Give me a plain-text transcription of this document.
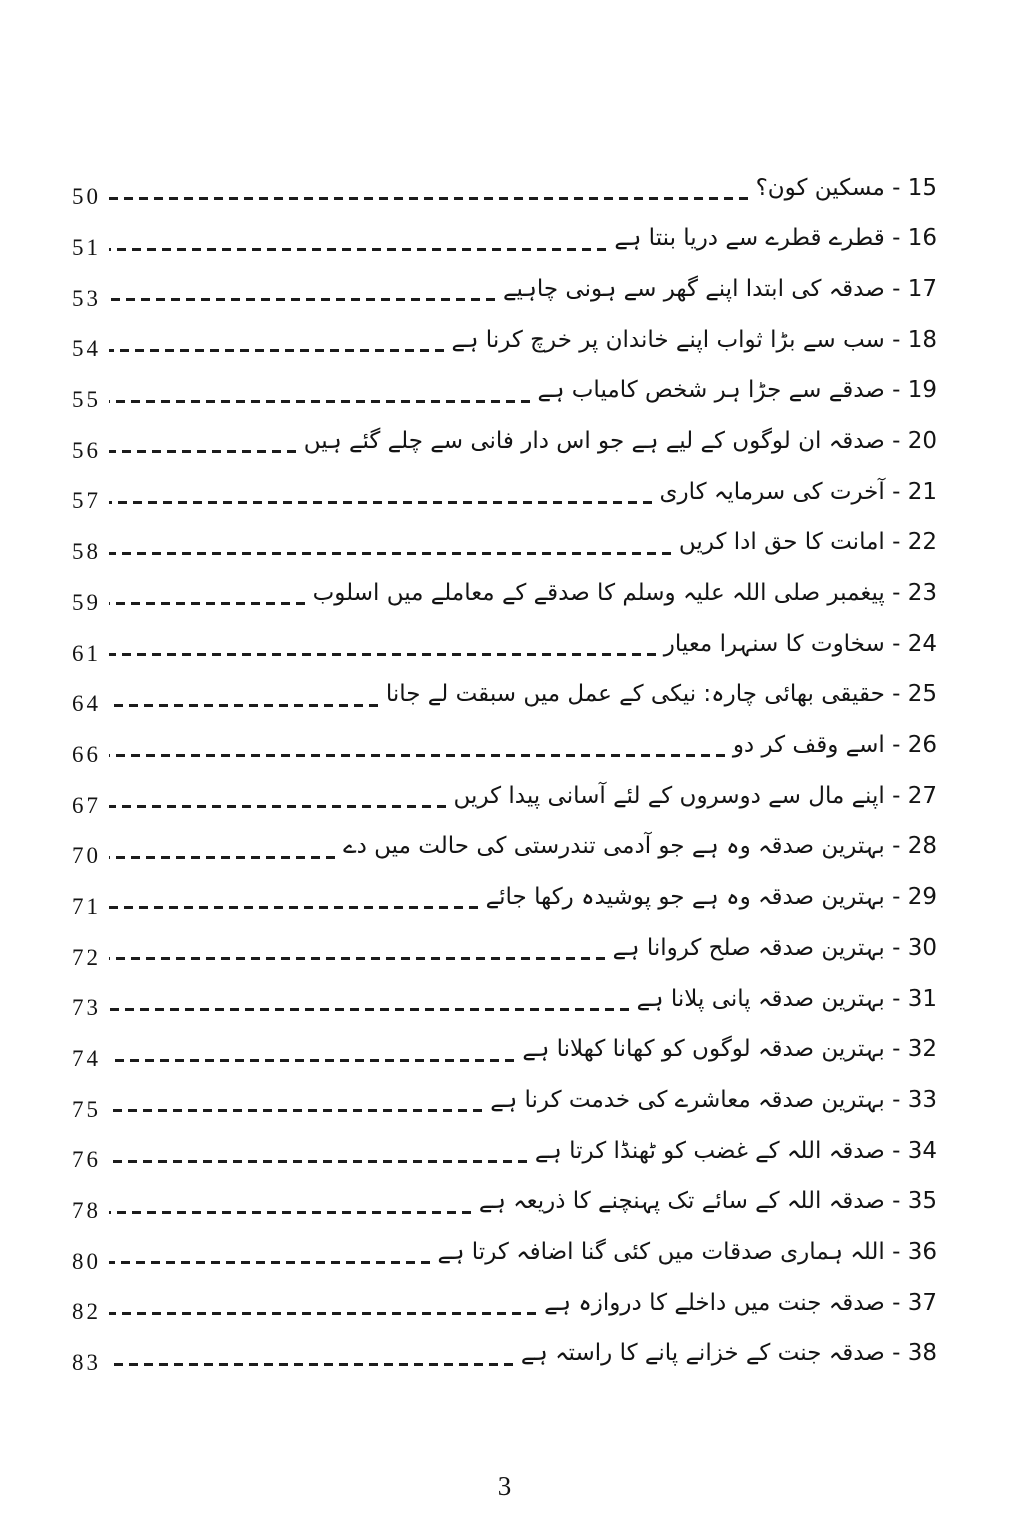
15 - مسکین کون؟
50
16 - قطرے قطرے سے دریا بنتا ہے
51
17 - صدقہ کی ابتدا اپنے گھر سے ہونی چاہیے
53
18 - سب سے بڑا ثواب اپنے خاندان پر خرچ کرنا ہے
54
19 - صدقے سے جڑا ہر شخص کامیاب ہے
55
20 - صدقہ ان لوگوں کے لیے ہے جو اس دار فانی سے چلے گئے ہیں
56
21 - آخرت کی سرمایہ کاری
57
22 - امانت کا حق ادا کریں
58
23 - پیغمبر صلی اللہ علیہ وسلم کا صدقے کے معاملے میں اسلوب
59
24 - سخاوت کا سنہرا معیار
61
25 - حقیقی بھائی چارہ: نیکی کے عمل میں سبقت لے جانا
64
26 - اسے وقف کر دو
66
27 - اپنے مال سے دوسروں کے لئے آسانی پیدا کریں
67
28 - بہترین صدقہ وہ ہے جو آدمی تندرستی کی حالت میں دے
70
29 - بہترین صدقہ وہ ہے جو پوشیدہ رکھا جائے
71
30 - بہترین صدقہ صلح کروانا ہے
72
31 - بہترین صدقہ پانی پلانا ہے
73
32 - بہترین صدقہ لوگوں کو کھانا کھلانا ہے
74
33 - بہترین صدقہ معاشرے کی خدمت کرنا ہے
75
34 - صدقہ اللہ کے غضب کو ٹھنڈا کرتا ہے
76
35 - صدقہ اللہ کے سائے تک پہنچنے کا ذریعہ ہے
78
36 - اللہ ہماری صدقات میں کئی گنا اضافہ کرتا ہے
80
37 - صدقہ جنت میں داخلے کا دروازہ ہے
82
38 - صدقہ جنت کے خزانے پانے کا راستہ ہے
83
3
